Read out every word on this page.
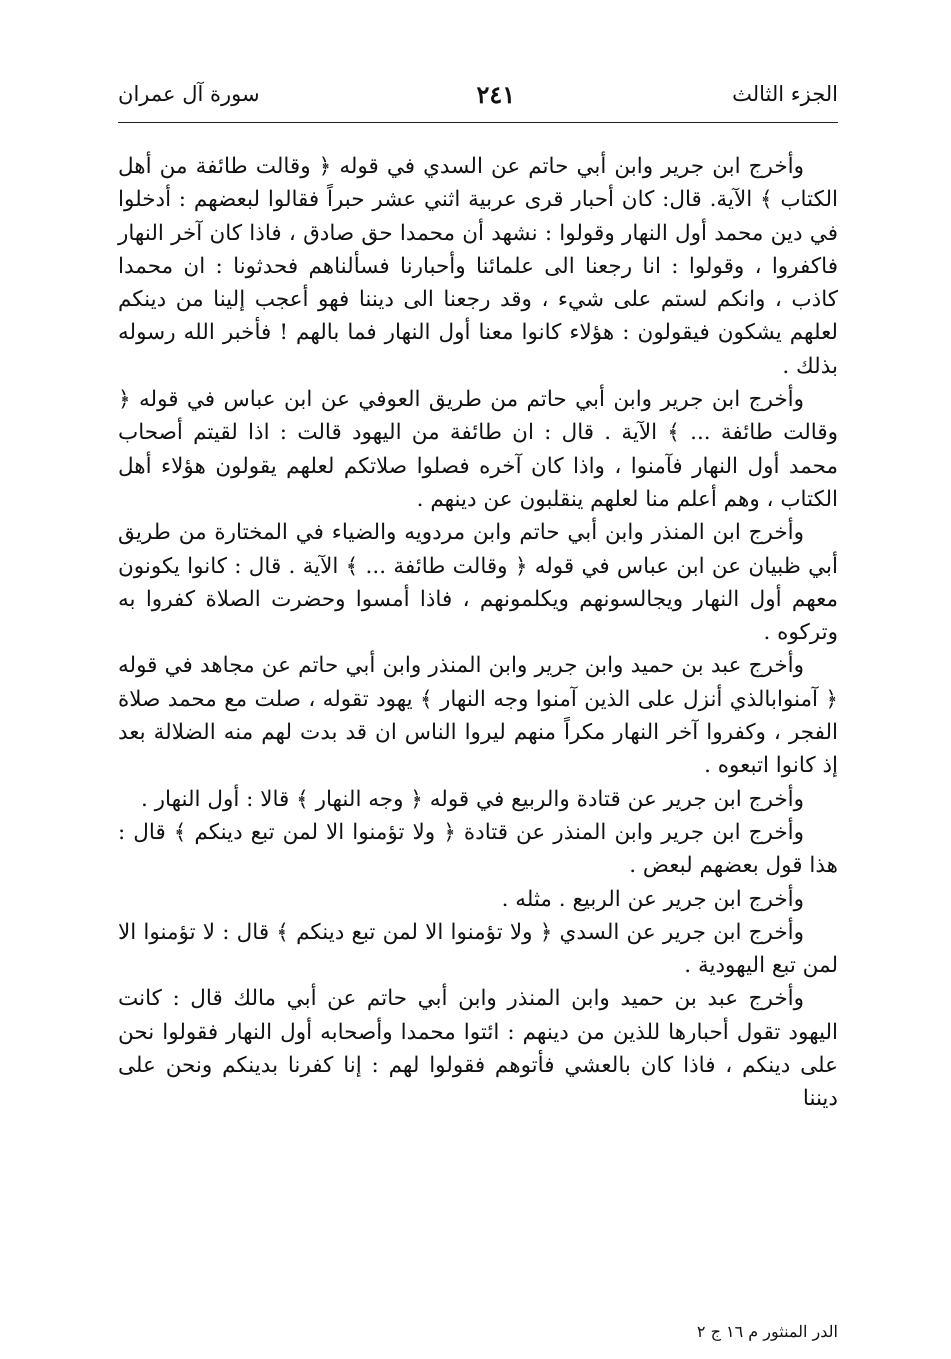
الجزء الثالث
٢٤١
سورة آل عمران

وأخرج ابن جرير وابن أبي حاتم عن السدي في قوله ﴿ وقالت طائفة من أهل الكتاب ﴾ الآية. قال: كان أحبار قرى عربية اثني عشر حبراً فقالوا لبعضهم : أدخلوا في دين محمد أول النهار وقولوا : نشهد أن محمدا حق صادق ، فاذا كان آخر النهار فاكفروا ، وقولوا : انا رجعنا الى علمائنا وأحبارنا فسألناهم فحدثونا : ان محمدا كاذب ، وانكم لستم على شيء ، وقد رجعنا الى ديننا فهو أعجب إلينا من دينكم لعلهم يشكون فيقولون : هؤلاء كانوا معنا أول النهار فما بالهم ! فأخبر الله رسوله بذلك .

وأخرج ابن جرير وابن أبي حاتم من طريق العوفي عن ابن عباس في قوله ﴿ وقالت طائفة ... ﴾ الآية . قال : ان طائفة من اليهود قالت : اذا لقيتم أصحاب محمد أول النهار فآمنوا ، واذا كان آخره فصلوا صلاتكم لعلهم يقولون هؤلاء أهل الكتاب ، وهم أعلم منا لعلهم ينقلبون عن دينهم .

وأخرج ابن المنذر وابن أبي حاتم وابن مردويه والضياء في المختارة من طريق أبي ظبيان عن ابن عباس في قوله ﴿ وقالت طائفة ... ﴾ الآية . قال : كانوا يكونون معهم أول النهار ويجالسونهم ويكلمونهم ، فاذا أمسوا وحضرت الصلاة كفروا به وتركوه .

وأخرج عبد بن حميد وابن جرير وابن المنذر وابن أبي حاتم عن مجاهد في قوله ﴿ آمنوابالذي أنزل على الذين آمنوا وجه النهار ﴾ يهود تقوله ، صلت مع محمد صلاة الفجر ، وكفروا آخر النهار مكراً منهم ليروا الناس ان قد بدت لهم منه الضلالة بعد إذ كانوا اتبعوه .

وأخرج ابن جرير عن قتادة والربيع في قوله ﴿ وجه النهار ﴾ قالا : أول النهار .

وأخرج ابن جرير وابن المنذر عن قتادة ﴿ ولا تؤمنوا الا لمن تبع دينكم ﴾ قال : هذا قول بعضهم لبعض .

وأخرج ابن جرير عن الربيع . مثله .

وأخرج ابن جرير عن السدي ﴿ ولا تؤمنوا الا لمن تبع دينكم ﴾ قال : لا تؤمنوا الا لمن تبع اليهودية .

وأخرج عبد بن حميد وابن المنذر وابن أبي حاتم عن أبي مالك قال : كانت اليهود تقول أحبارها للذين من دينهم : ائتوا محمدا وأصحابه أول النهار فقولوا نحن على دينكم ، فاذا كان بالعشي فأتوهم فقولوا لهم : إنا كفرنا بدينكم ونحن على ديننا

الدر المنثور م ١٦ ج ٢
